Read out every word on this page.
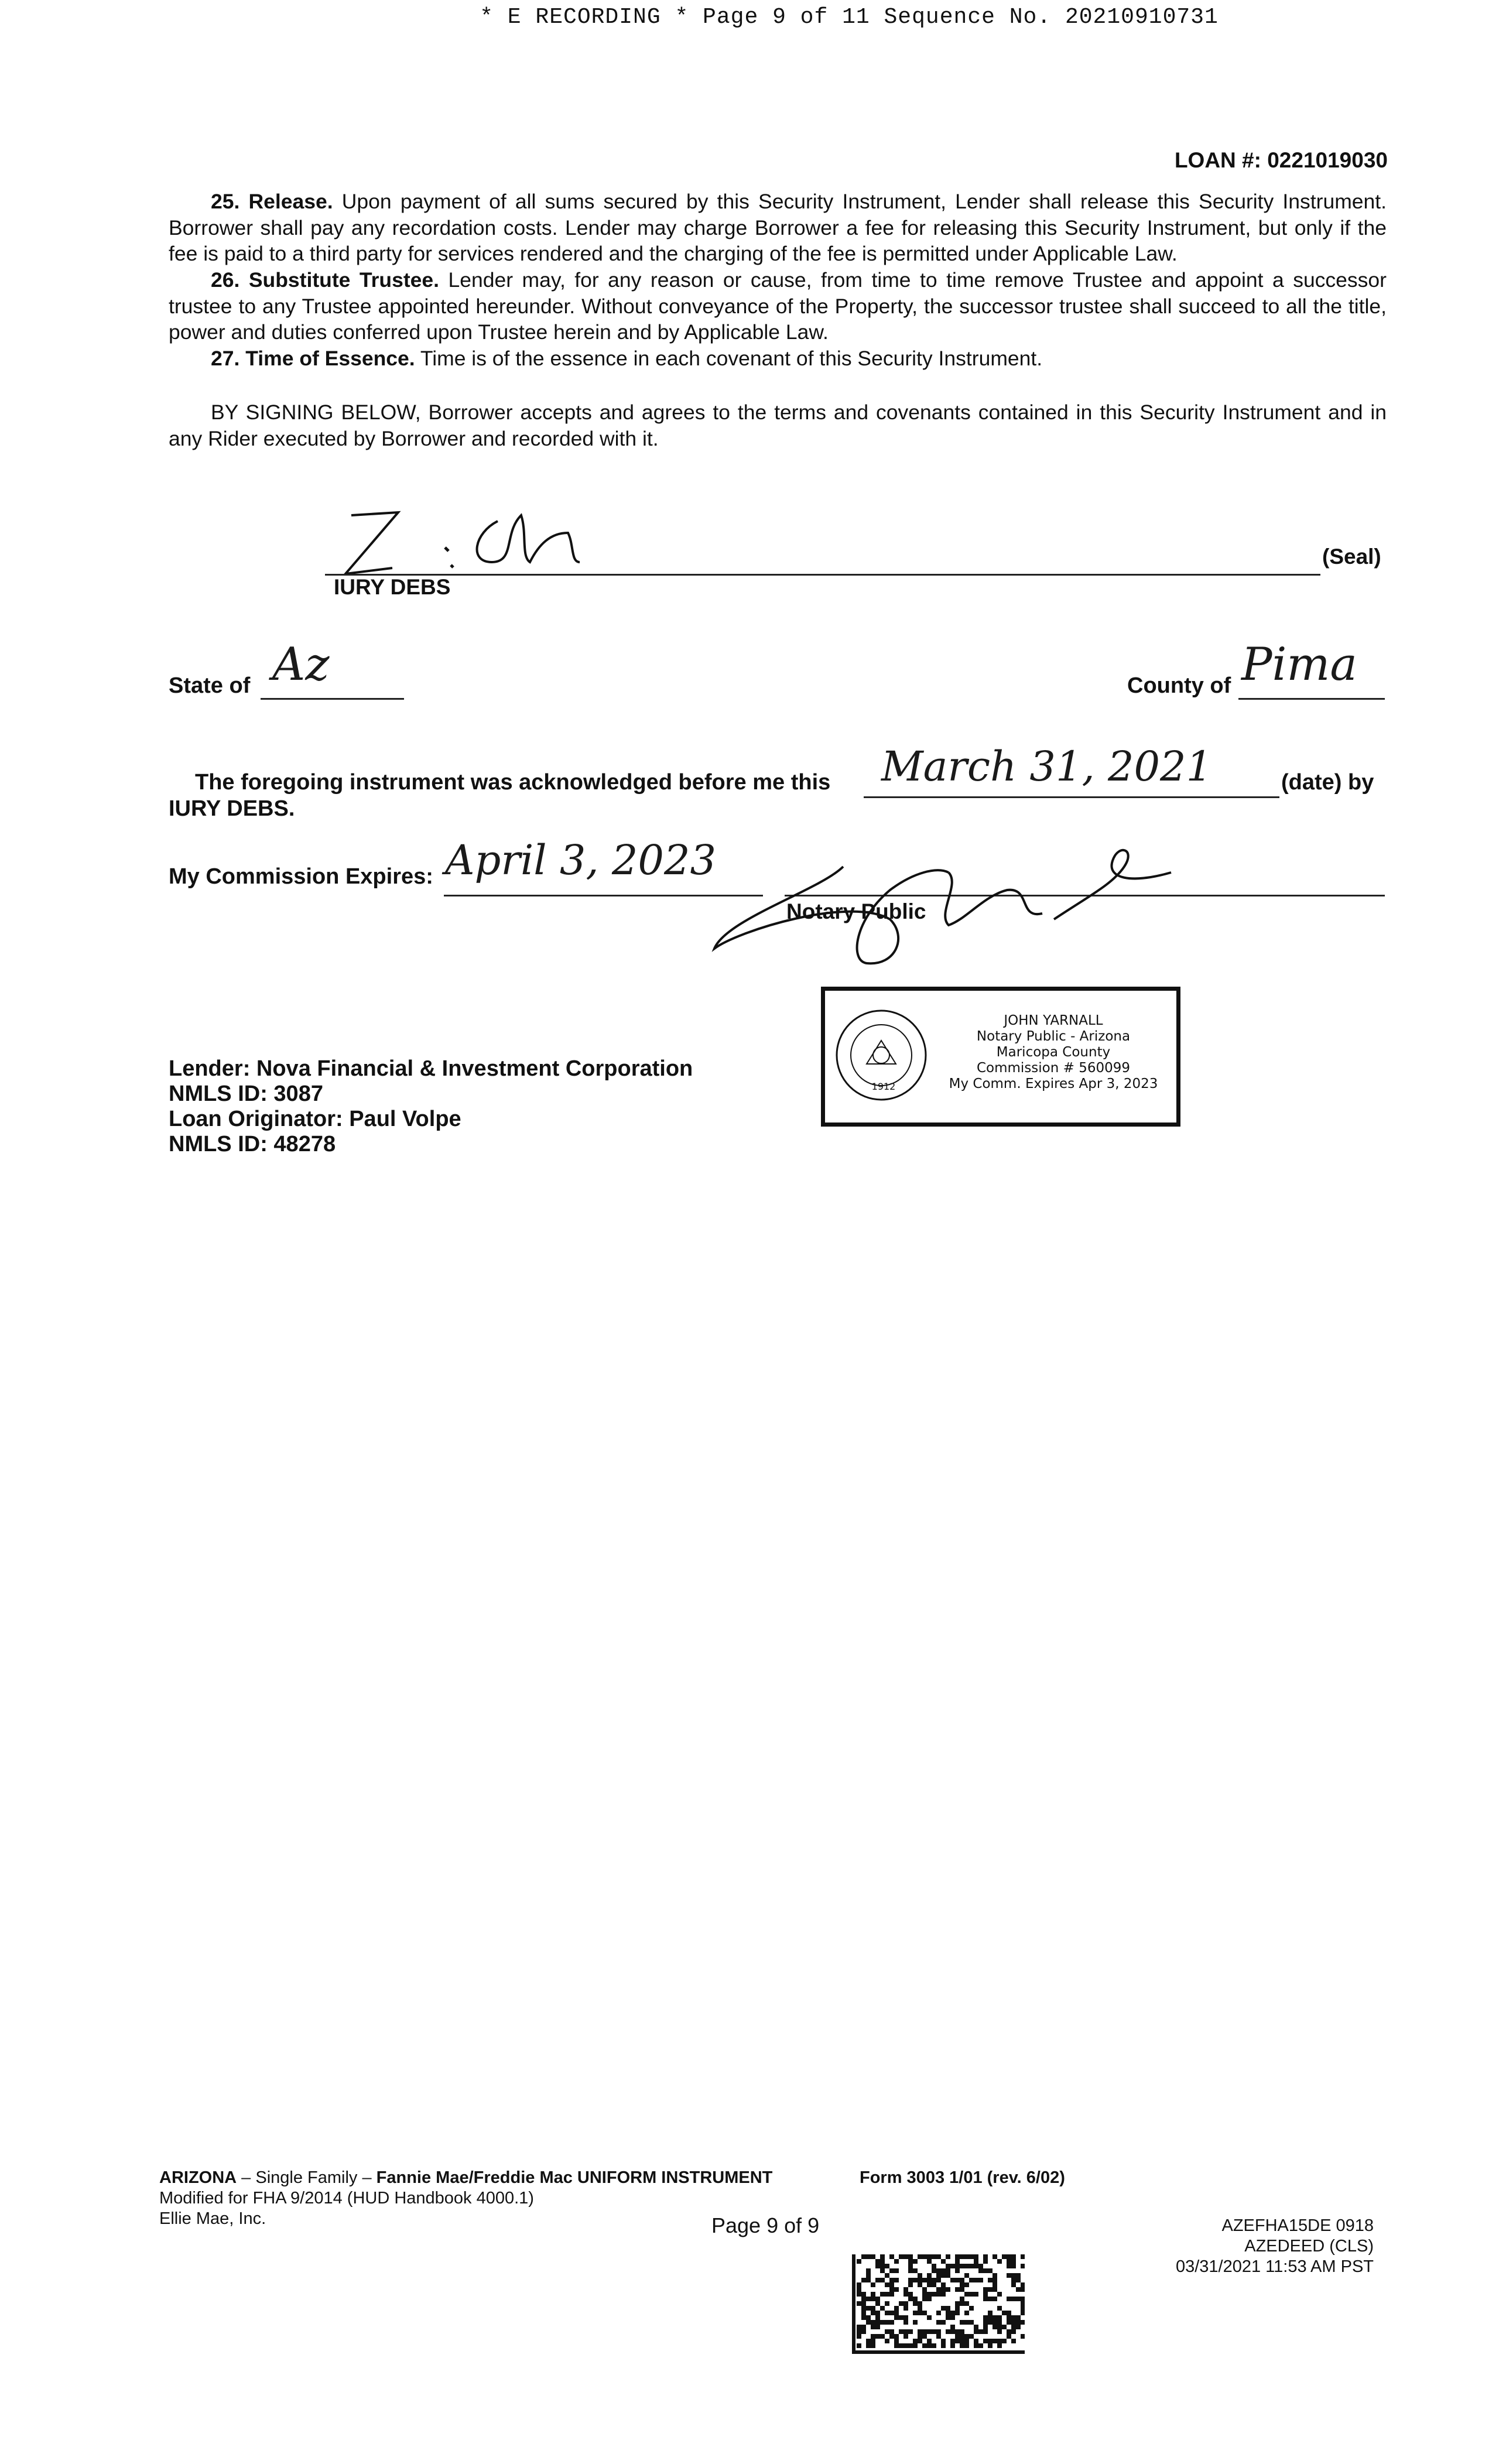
* E RECORDING * Page 9 of 11 Sequence No. 20210910731
LOAN #: 0221019030
25. Release. Upon payment of all sums secured by this Security Instrument, Lender shall release this Security Instrument. Borrower shall pay any recordation costs. Lender may charge Borrower a fee for releasing this Security Instrument, but only if the fee is paid to a third party for services rendered and the charging of the fee is permitted under Applicable Law.
26. Substitute Trustee. Lender may, for any reason or cause, from time to time remove Trustee and appoint a successor trustee to any Trustee appointed hereunder. Without conveyance of the Property, the successor trustee shall succeed to all the title, power and duties conferred upon Trustee herein and by Applicable Law.
27. Time of Essence. Time is of the essence in each covenant of this Security Instrument.
BY SIGNING BELOW, Borrower accepts and agrees to the terms and covenants contained in this Security Instrument and in any Rider executed by Borrower and recorded with it.
(Seal)
IURY DEBS
State of Az	County of Pima
The foregoing instrument was acknowledged before me this March 31, 2021	(date) by
IURY DEBS.
My Commission Expires: April 3, 2023
Notary Public
1912
JOHN YARNALL
Notary Public - Arizona
Maricopa County
Commission # 560099
My Comm. Expires Apr 3, 2023
Lender: Nova Financial & Investment Corporation
NMLS ID: 3087
Loan Originator: Paul Volpe
NMLS ID: 48278
ARIZONA – Single Family – Fannie Mae/Freddie Mac UNIFORM INSTRUMENT
Modified for FHA 9/2014 (HUD Handbook 4000.1)
Ellie Mae, Inc.
Form 3003 1/01 (rev. 6/02)
Page 9 of 9	AZEFHA15DE 0918
AZEDEED (CLS)
03/31/2021 11:53 AM PST
